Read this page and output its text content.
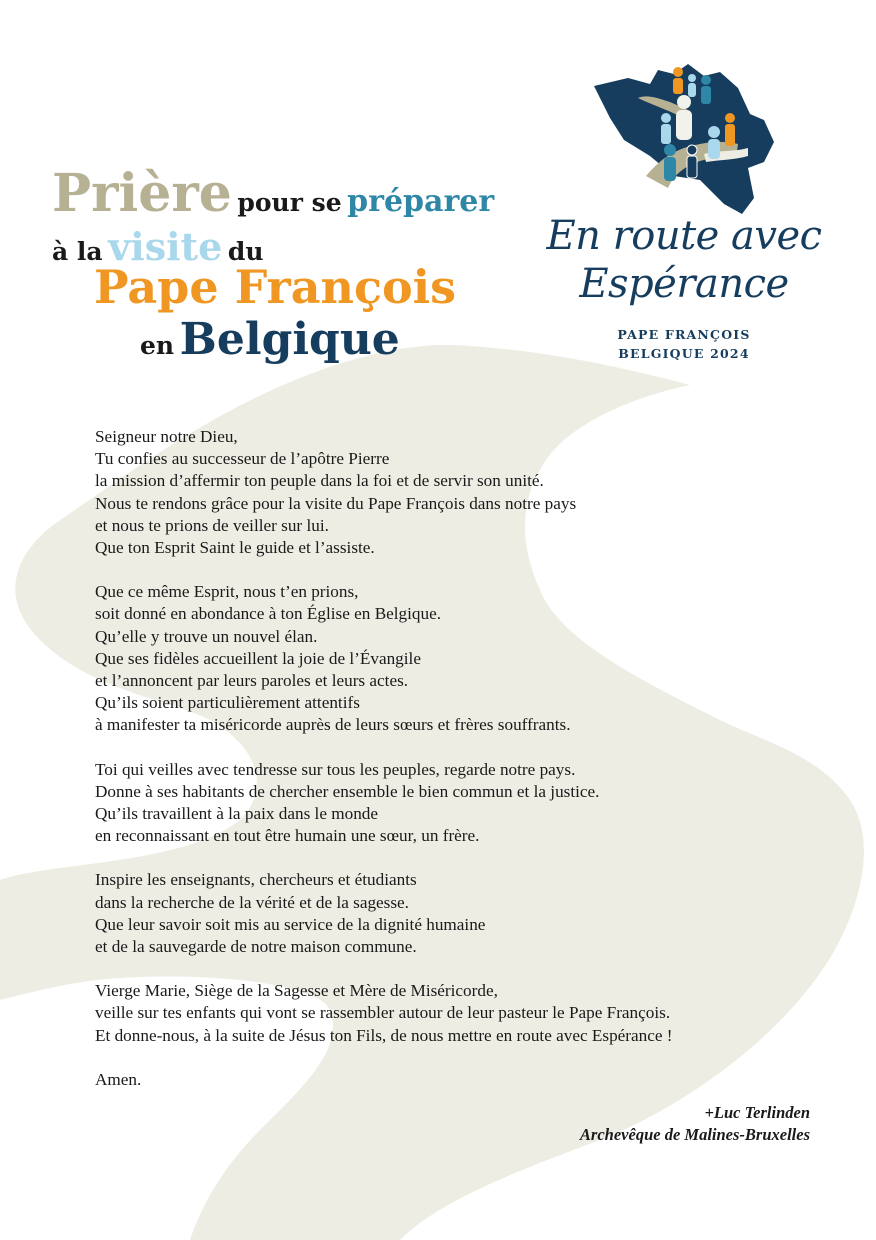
Prière pour se préparer
à la visite du
Pape François
en Belgique
En route avec
Espérance
PAPE FRANÇOIS
BELGIQUE 2024
Seigneur notre Dieu,
Tu confies au successeur de l’apôtre Pierre
la mission d’affermir ton peuple dans la foi et de servir son unité.
Nous te rendons grâce pour la visite du Pape François dans notre pays
et nous te prions de veiller sur lui.
Que ton Esprit Saint le guide et l’assiste.
Que ce même Esprit, nous t’en prions,
soit donné en abondance à ton Église en Belgique.
Qu’elle y trouve un nouvel élan.
Que ses fidèles accueillent la joie de l’Évangile
et l’annoncent par leurs paroles et leurs actes.
Qu’ils soient particulièrement attentifs
à manifester ta miséricorde auprès de leurs sœurs et frères souffrants.
Toi qui veilles avec tendresse sur tous les peuples, regarde notre pays.
Donne à ses habitants de chercher ensemble le bien commun et la justice.
Qu’ils travaillent à la paix dans le monde
en reconnaissant en tout être humain une sœur, un frère.
Inspire les enseignants, chercheurs et étudiants
dans la recherche de la vérité et de la sagesse.
Que leur savoir soit mis au service de la dignité humaine
et de la sauvegarde de notre maison commune.
Vierge Marie, Siège de la Sagesse et Mère de Miséricorde,
veille sur tes enfants qui vont se rassembler autour de leur pasteur le Pape François.
Et donne-nous, à la suite de Jésus ton Fils, de nous mettre en route avec Espérance !
Amen.
+Luc Terlinden
Archevêque de Malines-Bruxelles
